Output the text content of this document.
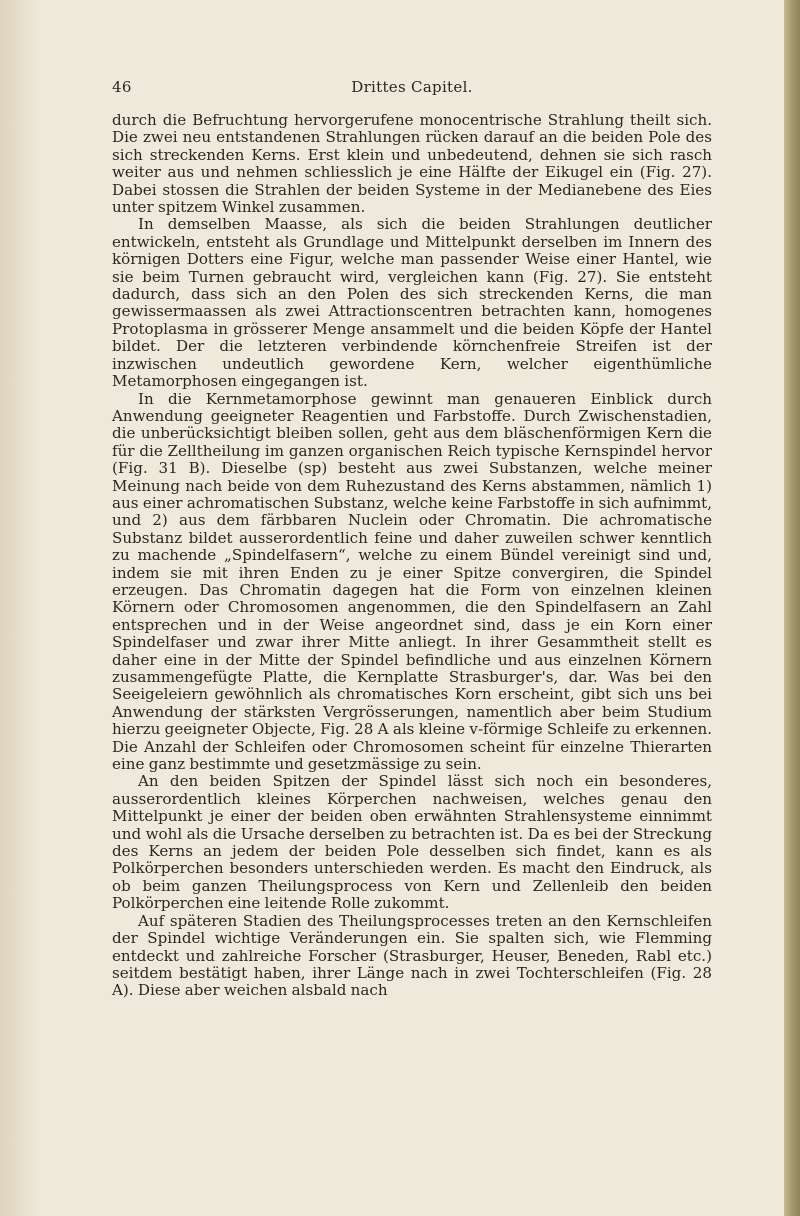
46	Drittes Capitel.

durch die Befruchtung hervorgerufene monocentrische Strahlung theilt sich. Die zwei neu entstandenen Strahlungen rücken darauf an die beiden Pole des sich streckenden Kerns. Erst klein und unbedeutend, dehnen sie sich rasch weiter aus und nehmen schliesslich je eine Hälfte der Eikugel ein (Fig. 27). Dabei stossen die Strahlen der beiden Systeme in der Medianebene des Eies unter spitzem Winkel zusammen.

In demselben Maasse, als sich die beiden Strahlungen deutlicher entwickeln, entsteht als Grundlage und Mittelpunkt derselben im Innern des körnigen Dotters eine Figur, welche man passender Weise einer Hantel, wie sie beim Turnen gebraucht wird, vergleichen kann (Fig. 27). Sie entsteht dadurch, dass sich an den Polen des sich streckenden Kerns, die man gewissermaassen als zwei Attractionscentren betrachten kann, homogenes Protoplasma in grösserer Menge ansammelt und die beiden Köpfe der Hantel bildet. Der die letzteren verbindende körnchenfreie Streifen ist der inzwischen undeutlich gewordene Kern, welcher eigenthümliche Metamorphosen eingegangen ist.

In die Kernmetamorphose gewinnt man genaueren Einblick durch Anwendung geeigneter Reagentien und Farbstoffe. Durch Zwischenstadien, die unberücksichtigt bleiben sollen, geht aus dem bläschenförmigen Kern die für die Zelltheilung im ganzen organischen Reich typische Kernspindel hervor (Fig. 31 B). Dieselbe (sp) besteht aus zwei Substanzen, welche meiner Meinung nach beide von dem Ruhezustand des Kerns abstammen, nämlich 1) aus einer achromatischen Substanz, welche keine Farbstoffe in sich aufnimmt, und 2) aus dem färbbaren Nuclein oder Chromatin. Die achromatische Substanz bildet ausserordentlich feine und daher zuweilen schwer kenntlich zu machende „Spindelfasern“, welche zu einem Bündel vereinigt sind und, indem sie mit ihren Enden zu je einer Spitze convergiren, die Spindel erzeugen. Das Chromatin dagegen hat die Form von einzelnen kleinen Körnern oder Chromosomen angenommen, die den Spindelfasern an Zahl entsprechen und in der Weise angeordnet sind, dass je ein Korn einer Spindelfaser und zwar ihrer Mitte anliegt. In ihrer Gesammtheit stellt es daher eine in der Mitte der Spindel befindliche und aus einzelnen Körnern zusammengefügte Platte, die Kernplatte Strasburger's, dar. Was bei den Seeigeleiern gewöhnlich als chromatisches Korn erscheint, gibt sich uns bei Anwendung der stärksten Vergrösserungen, namentlich aber beim Studium hierzu geeigneter Objecte, Fig. 28 A als kleine v-förmige Schleife zu erkennen. Die Anzahl der Schleifen oder Chromosomen scheint für einzelne Thierarten eine ganz bestimmte und gesetzmässige zu sein.

An den beiden Spitzen der Spindel lässt sich noch ein besonderes, ausserordentlich kleines Körperchen nachweisen, welches genau den Mittelpunkt je einer der beiden oben erwähnten Strahlensysteme einnimmt und wohl als die Ursache derselben zu betrachten ist. Da es bei der Streckung des Kerns an jedem der beiden Pole desselben sich findet, kann es als Polkörperchen besonders unterschieden werden. Es macht den Eindruck, als ob beim ganzen Theilungsprocess von Kern und Zellenleib den beiden Polkörperchen eine leitende Rolle zukommt.

Auf späteren Stadien des Theilungsprocesses treten an den Kernschleifen der Spindel wichtige Veränderungen ein. Sie spalten sich, wie Flemming entdeckt und zahlreiche Forscher (Strasburger, Heuser, Beneden, Rabl etc.) seitdem bestätigt haben, ihrer Länge nach in zwei Tochterschleifen (Fig. 28 A). Diese aber weichen alsbald nach
